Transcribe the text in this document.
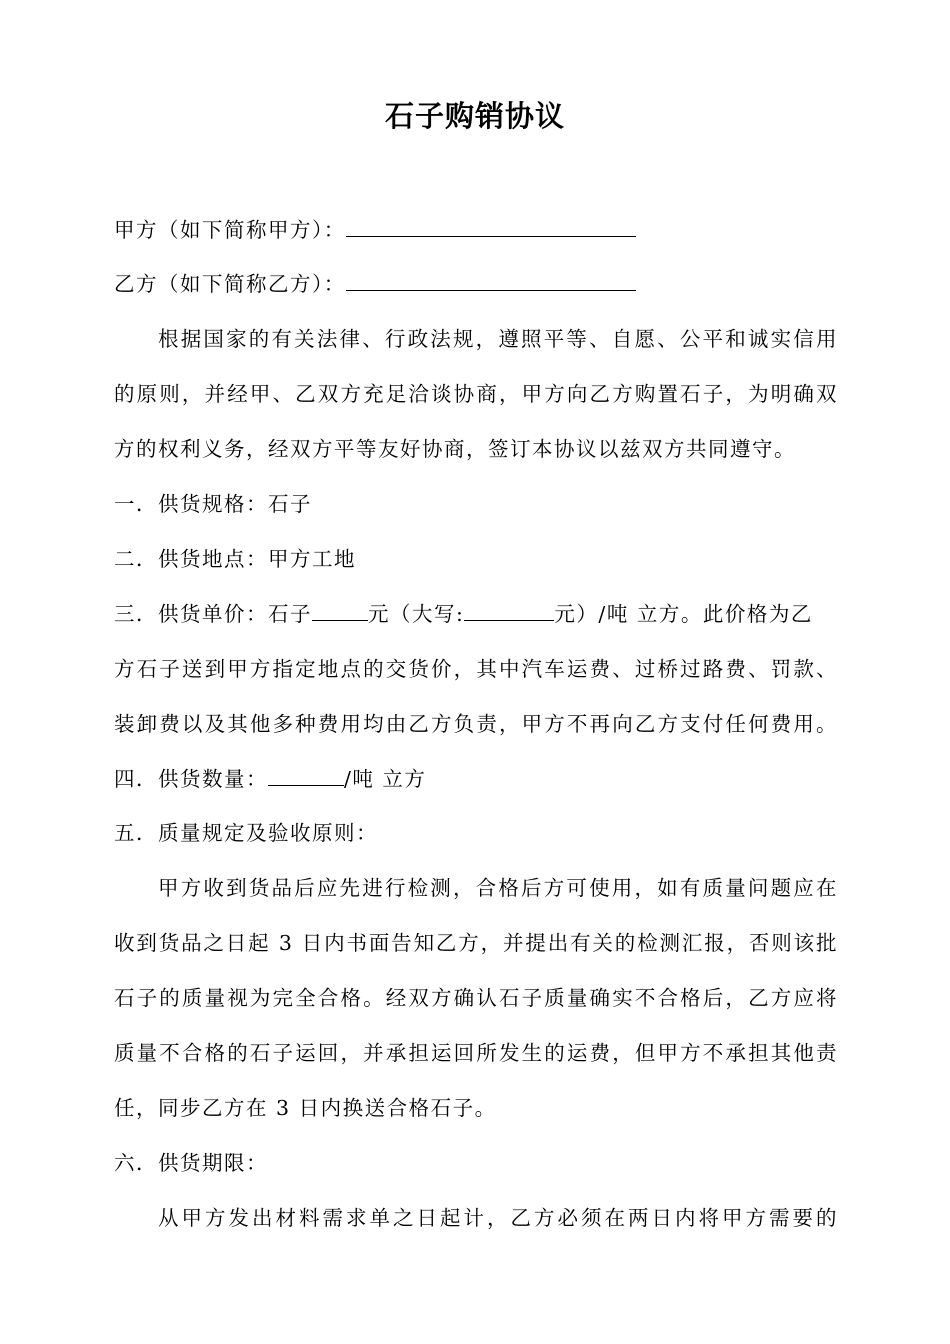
石子购销协议
甲方（如下简称甲方）：
乙方（如下简称乙方）：
根据国家的有关法律、行政法规，遵照平等、自愿、公平和诚实信用
的原则，并经甲、乙双方充足洽谈协商，甲方向乙方购置石子，为明确双
方的权利义务，经双方平等友好协商，签订本协议以兹双方共同遵守。
一．供货规格：石子
二．供货地点：甲方工地
三．供货单价：石子	元（大写:	元）/吨 立方。此价格为乙
方石子送到甲方指定地点的交货价，其中汽车运费、过桥过路费、罚款、
装卸费以及其他多种费用均由乙方负责，甲方不再向乙方支付任何费用。
四．供货数量：	/吨 立方
五．质量规定及验收原则：
甲方收到货品后应先进行检测，合格后方可使用，如有质量问题应在
收到货品之日起 3 日内书面告知乙方，并提出有关的检测汇报，否则该批
石子的质量视为完全合格。经双方确认石子质量确实不合格后，乙方应将
质量不合格的石子运回，并承担运回所发生的运费，但甲方不承担其他责
任，同步乙方在 3 日内换送合格石子。
六．供货期限：
从甲方发出材料需求单之日起计，乙方必须在两日内将甲方需要的
